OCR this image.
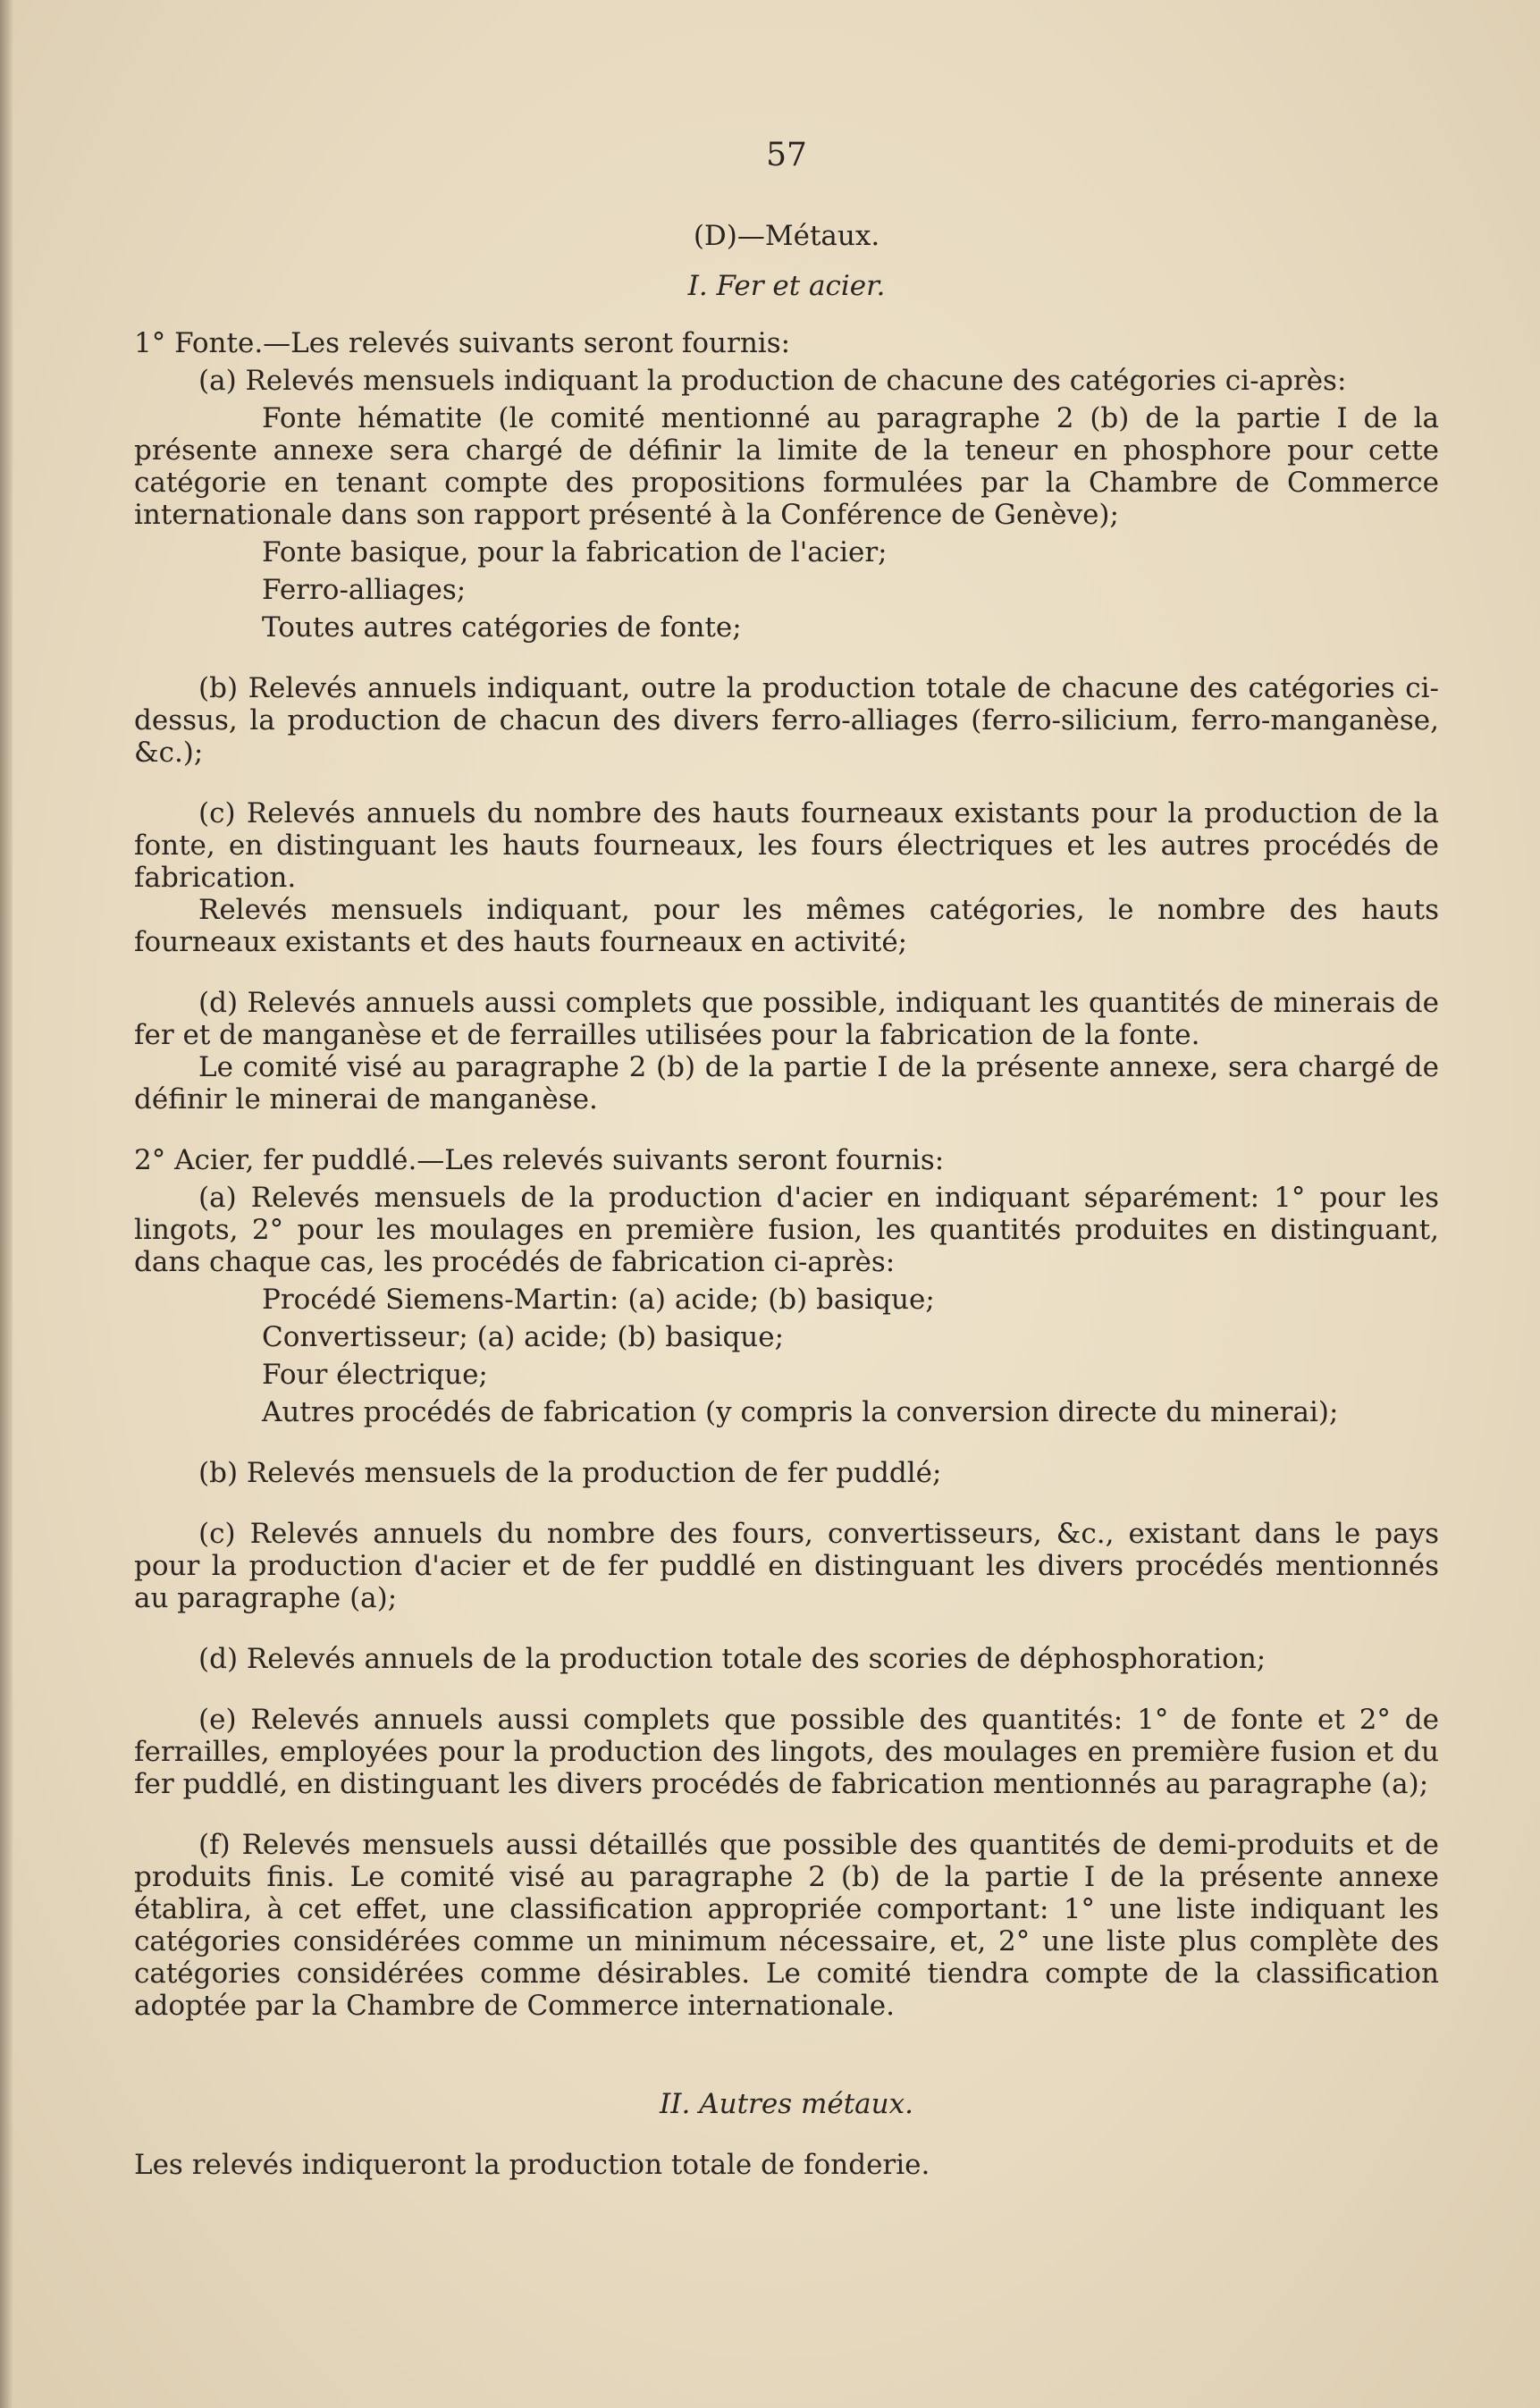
57

(D)—Métaux.

I. Fer et acier.

1° Fonte.—Les relevés suivants seront fournis:

(a) Relevés mensuels indiquant la production de chacune des catégories ci-après:

Fonte hématite (le comité mentionné au paragraphe 2 (b) de la partie I de la présente annexe sera chargé de définir la limite de la teneur en phosphore pour cette catégorie en tenant compte des propositions formulées par la Chambre de Commerce internationale dans son rapport présenté à la Conférence de Genève);

Fonte basique, pour la fabrication de l'acier;

Ferro-alliages;

Toutes autres catégories de fonte;

(b) Relevés annuels indiquant, outre la production totale de chacune des catégories ci-dessus, la production de chacun des divers ferro-alliages (ferro-silicium, ferro-manganèse, &c.);

(c) Relevés annuels du nombre des hauts fourneaux existants pour la production de la fonte, en distinguant les hauts fourneaux, les fours électriques et les autres procédés de fabrication.

Relevés mensuels indiquant, pour les mêmes catégories, le nombre des hauts fourneaux existants et des hauts fourneaux en activité;

(d) Relevés annuels aussi complets que possible, indiquant les quantités de minerais de fer et de manganèse et de ferrailles utilisées pour la fabrication de la fonte.

Le comité visé au paragraphe 2 (b) de la partie I de la présente annexe, sera chargé de définir le minerai de manganèse.

2° Acier, fer puddlé.—Les relevés suivants seront fournis:

(a) Relevés mensuels de la production d'acier en indiquant séparément: 1° pour les lingots, 2° pour les moulages en première fusion, les quantités produites en distinguant, dans chaque cas, les procédés de fabrication ci-après:

Procédé Siemens-Martin: (a) acide; (b) basique;

Convertisseur; (a) acide; (b) basique;

Four électrique;

Autres procédés de fabrication (y compris la conversion directe du minerai);

(b) Relevés mensuels de la production de fer puddlé;

(c) Relevés annuels du nombre des fours, convertisseurs, &c., existant dans le pays pour la production d'acier et de fer puddlé en distinguant les divers procédés mentionnés au paragraphe (a);

(d) Relevés annuels de la production totale des scories de déphosphoration;

(e) Relevés annuels aussi complets que possible des quantités: 1° de fonte et 2° de ferrailles, employées pour la production des lingots, des moulages en première fusion et du fer puddlé, en distinguant les divers procédés de fabrication mentionnés au paragraphe (a);

(f) Relevés mensuels aussi détaillés que possible des quantités de demi-produits et de produits finis. Le comité visé au paragraphe 2 (b) de la partie I de la présente annexe établira, à cet effet, une classification appropriée comportant: 1° une liste indiquant les catégories considérées comme un minimum nécessaire, et, 2° une liste plus complète des catégories considérées comme désirables. Le comité tiendra compte de la classification adoptée par la Chambre de Commerce internationale.

II. Autres métaux.

Les relevés indiqueront la production totale de fonderie.
